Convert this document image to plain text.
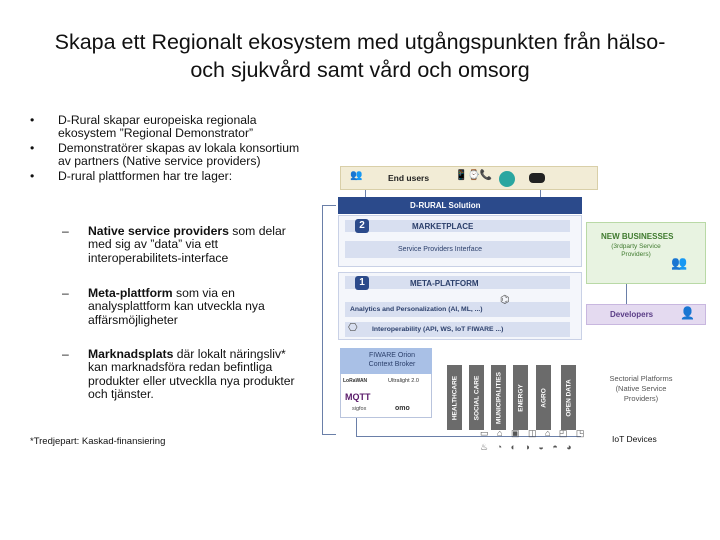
Skapa ett Regionalt ekosystem med utgångspunkten från hälso-
och sjukvård samt vård och omsorg
• D-Rural skapar europeiska regionala ekosystem ”Regional Demonstrator”
• Demonstratörer skapas av lokala konsortium av partners (Native service providers)
• D-rural plattformen har tre lager:
–	Native service providers som delar med sig av ”data” via ett interoperabilitets-interface
–	Meta-plattform som via en analysplattform kan utveckla nya affärsmöjligheter
–	Marknadsplats där lokalt näringsliv* kan marknadsföra redan befintliga produkter eller utvecklla nya produkter och tjänster.
*Tredjepart: Kaskad-finansiering
👥	End users	📱⌚📞
D-RURAL Solution
2	MARKETPLACE
Service Providers Interface
1	META-PLATFORM
Analytics and Personalization (AI, ML, ...)
Interoperability (API, WS, IoT FIWARE ...)
⎔
⌬
FIWARE Orion Context Broker
LoRaWAN	Ultralight 2.0
MQTT
sigfox	omo	HEALTHCARE SOCIAL CARE MUNICIPALITIES ENERGY AGRO	OPEN DATA
▭ ⌂ ▣ ◫ ⌂ ◰ ◳
♨ ◔ ◐ ◑ ◒ ◓ ◕
IoT Devices
NEW BUSINESSES
(3rdparty Service Providers)
👥
Developers 👤
Sectorial Platforms (Native Service Providers)
